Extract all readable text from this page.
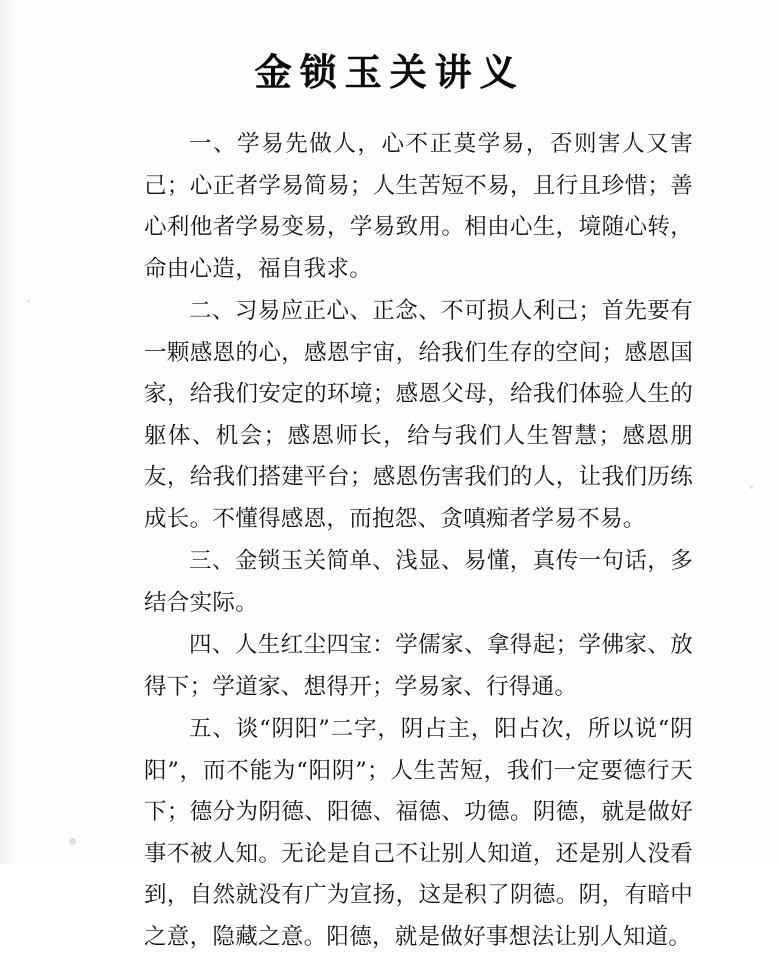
金锁玉关讲义

一、学易先做人，心不正莫学易，否则害人又害己；心正者学易简易；人生苦短不易，且行且珍惜；善心利他者学易变易，学易致用。相由心生，境随心转，命由心造，福自我求。

二、习易应正心、正念、不可损人利己；首先要有一颗感恩的心，感恩宇宙，给我们生存的空间；感恩国家，给我们安定的环境；感恩父母，给我们体验人生的躯体、机会；感恩师长，给与我们人生智慧；感恩朋友，给我们搭建平台；感恩伤害我们的人，让我们历练成长。不懂得感恩，而抱怨、贪嗔痴者学易不易。

三、金锁玉关简单、浅显、易懂，真传一句话，多结合实际。

四、人生红尘四宝：学儒家、拿得起；学佛家、放得下；学道家、想得开；学易家、行得通。

五、谈“阴阳”二字，阴占主，阳占次，所以说“阴阳”，而不能为“阳阴”；人生苦短，我们一定要德行天下；德分为阴德、阳德、福德、功德。阴德，就是做好事不被人知。无论是自己不让别人知道，还是别人没看到，自然就没有广为宣扬，这是积了阴德。阴，有暗中之意，隐藏之意。阳德，就是做好事想法让别人知道。
